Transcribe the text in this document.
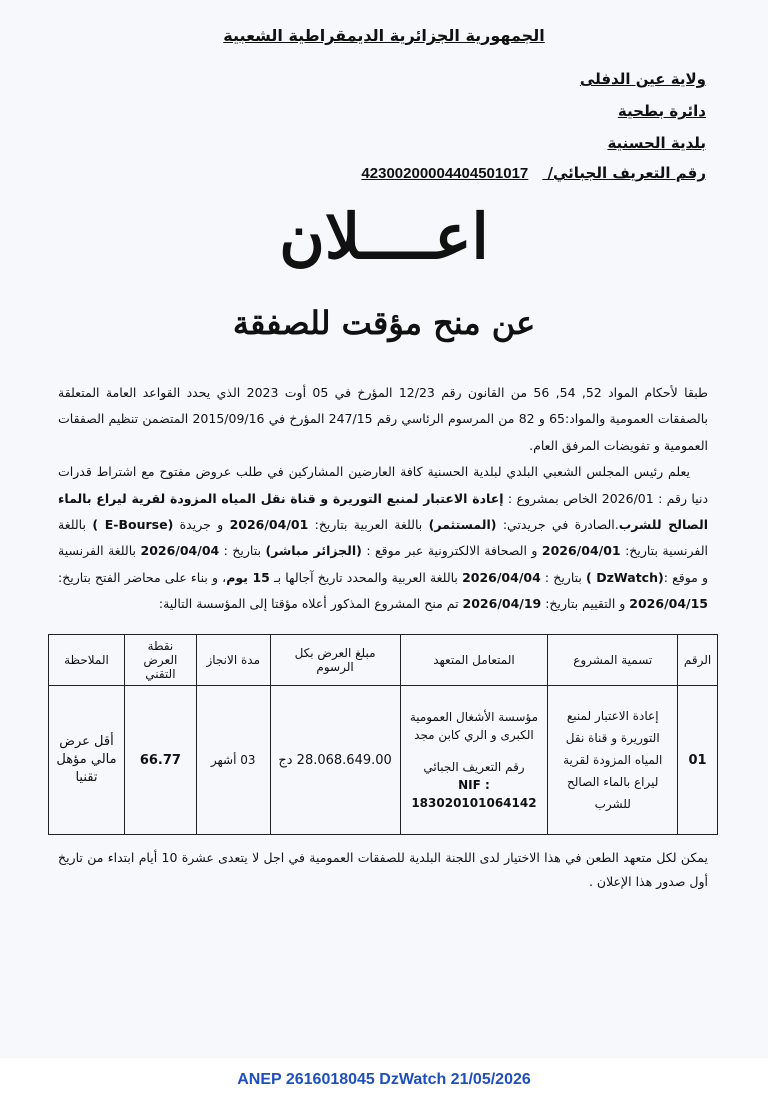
الجمهورية الجزائرية الديمقراطية الشعبية
ولاية عين الدفلى
دائرة بطحية
بلدية الحسنية
رقم التعريف الجبائي/ 42300200004404501017
اعــــلان
عن منح مؤقت للصفقة

طبقا لأحكام المواد 52, 54, 56 من القانون رقم 12/23 المؤرخ في 05 أوت 2023 الذي يحدد القواعد العامة المتعلقة بالصفقات العمومية والمواد:65 و 82 من المرسوم الرئاسي رقم 247/15 المؤرخ في 2015/09/16 المتضمن تنظيم الصفقات العمومية و تفويضات المرفق العام.

يعلم رئيس المجلس الشعبي البلدي لبلدية الحسنية كافة العارضين المشاركين في طلب عروض مفتوح مع اشتراط قدرات دنيا رقم : 2026/01 الخاص بمشروع : إعادة الاعتبار لمنبع التوريرة و قناة نقل المياه المزودة لقرية ليراع بالماء الصالح للشرب.الصادرة في جريدتي: (المستثمر) باللغة العربية بتاريخ: 2026/04/01 و جريدة (E-Bourse ) باللغة الفرنسية بتاريخ: 2026/04/01 و الصحافة الالكترونية عبر موقع : (الجزائر مباشر) بتاريخ : 2026/04/04 باللغة الفرنسية و موقع :(DzWatch ) بتاريخ : 2026/04/04 باللغة العربية والمحدد تاريخ آجالها بـ 15 يوم، و بناء على محاضر الفتح بتاريخ: 2026/04/15 و التقييم بتاريخ: 2026/04/19 تم منح المشروع المذكور أعلاه مؤقتا إلى المؤسسة التالية:

الرقم	تسمية المشروع	المتعامل المتعهد	مبلغ العرض بكل الرسوم	مدة الانجاز	نقطة العرض التقني	الملاحظة
01	إعادة الاعتبار لمنبع التوريرة و قناة نقل المياه المزودة لقرية ليراع بالماء الصالح للشرب	مؤسسة الأشغال العمومية الكبرى و الري كابن مجد
رقم التعريف الجبائي
NIF :
183020101064142	28.068.649.00 دج	03 أشهر	66.77	أقل عرض مالي مؤهل تقنيا

يمكن لكل متعهد الطعن في هذا الاختيار لدى اللجنة البلدية للصفقات العمومية في اجل لا يتعدى عشرة 10 أيام ابتداء من تاريخ أول صدور هذا الإعلان .

ANEP 2616018045 DzWatch 21/05/2026
